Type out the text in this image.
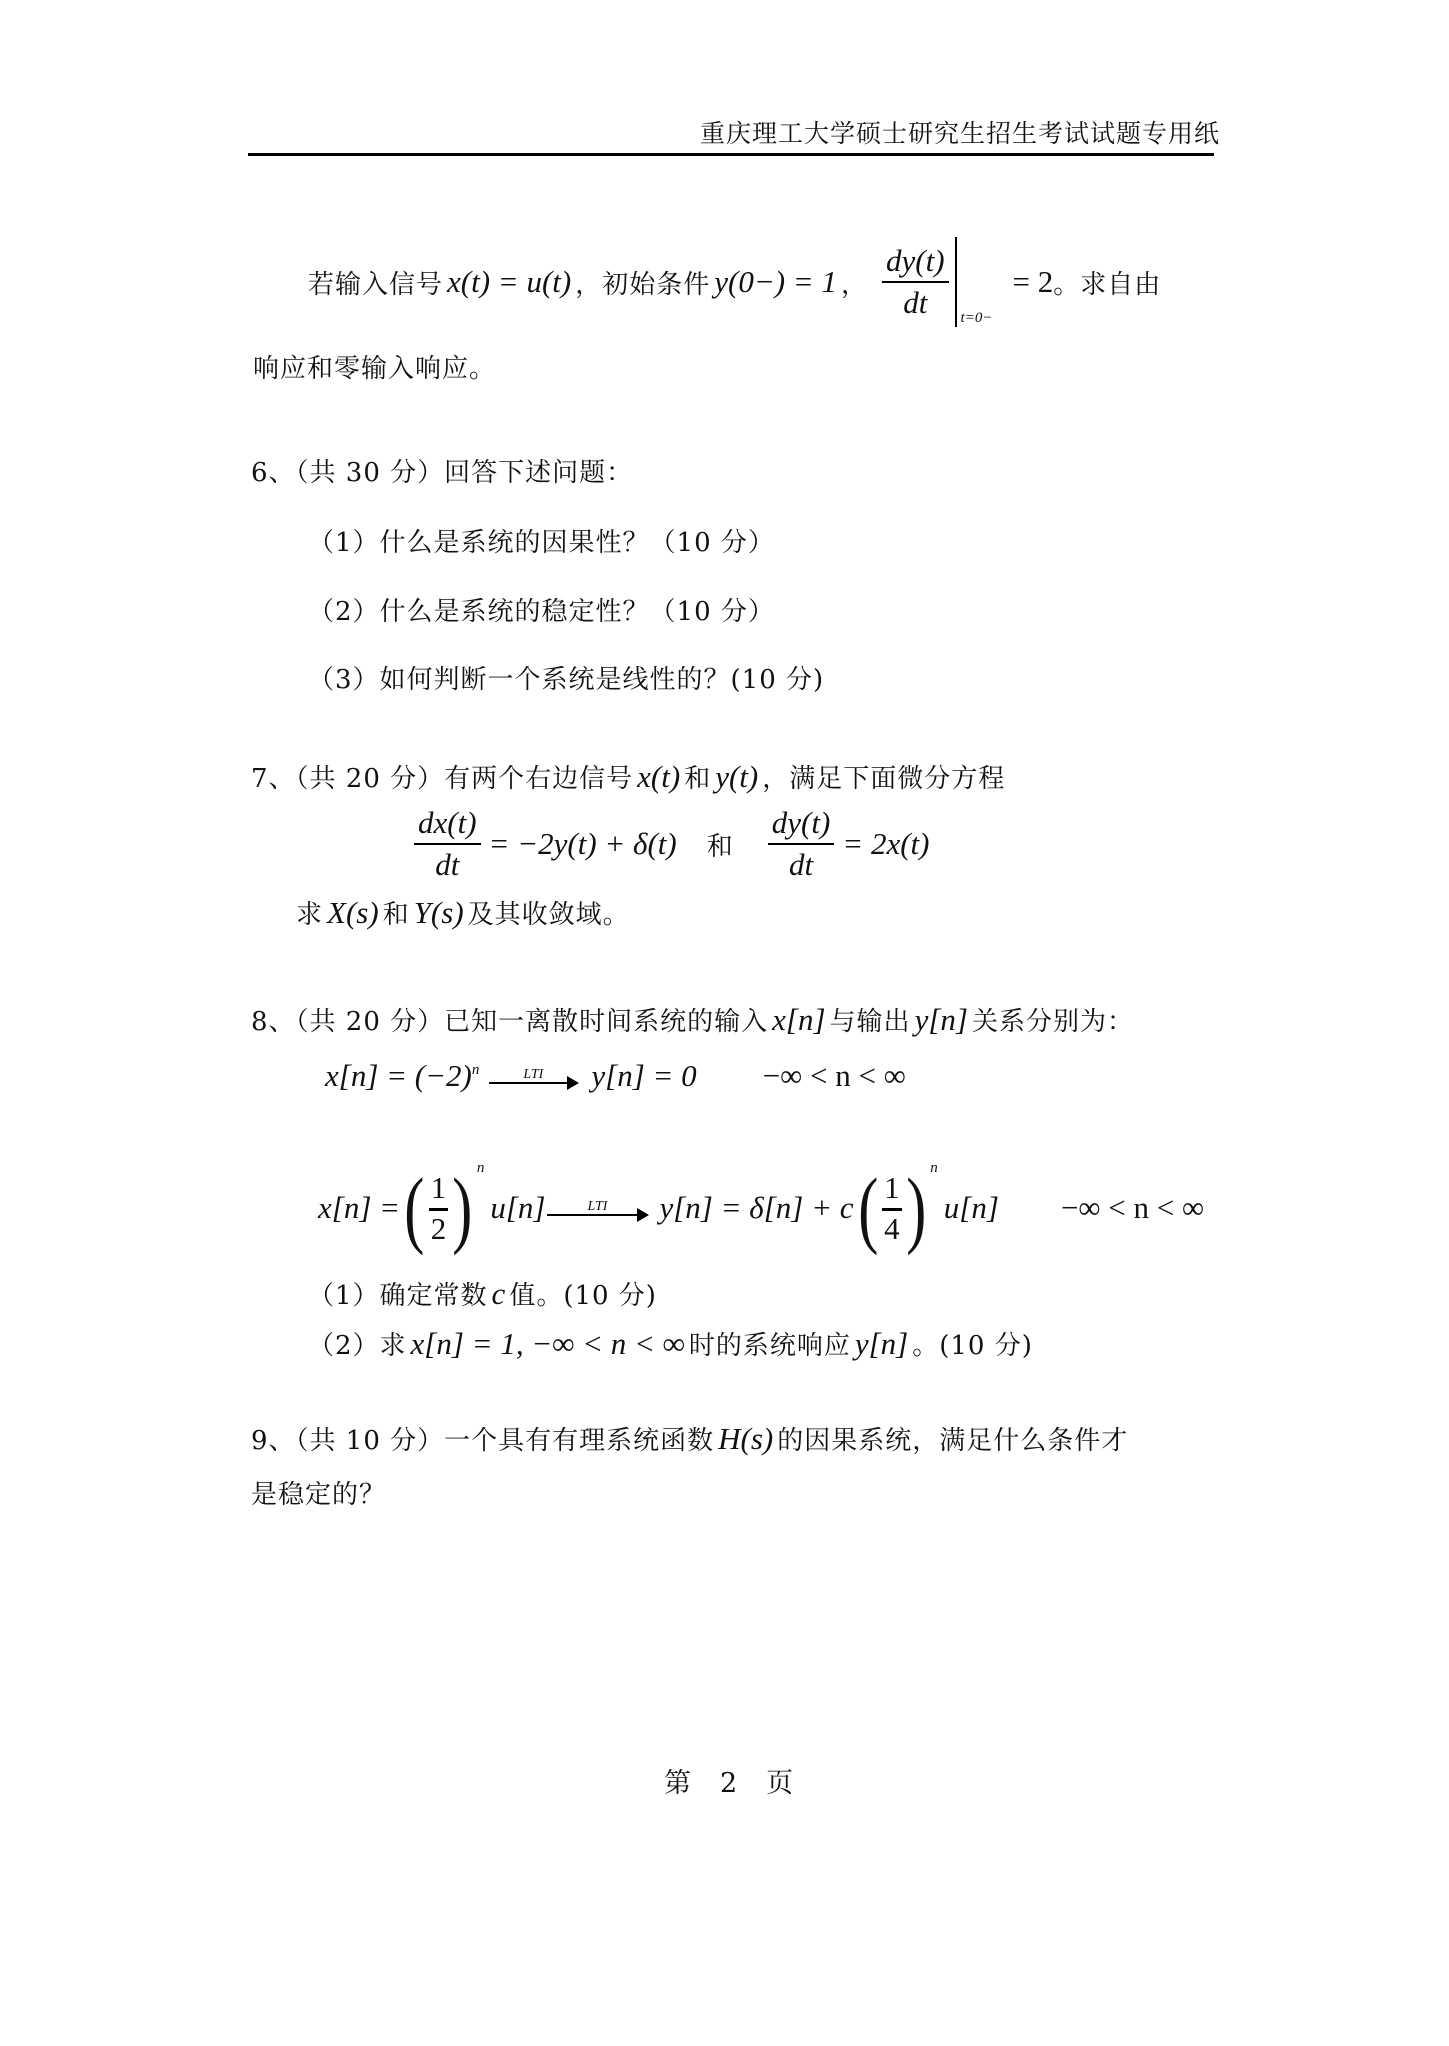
重庆理工大学硕士研究生招生考试试题专用纸
若输入信号 x(t) = u(t) ，初始条件 y(0−) = 1 ， $\frac{dy(t)}{dt} t=0-$
= 2 。求自由
响应和零输入响应。
6、（共 30 分）回答下述问题：
（1）什么是系统的因果性？（10 分）
（2）什么是系统的稳定性？（10 分）
（3）如何判断一个系统是线性的？(10 分)
7、（共 20 分）有两个右边信号 x(t) 和 y(t) ，满足下面微分方程
$\frac{dx(t)}{dt} = -2y(t) + \delta(t)$ 和 $\frac{dy(t)}{dt} = 2x(t)$
求 X(s) 和 Y(s) 及其收敛域。
8、（共 20 分）已知一离散时间系统的输入 x[n] 与输出 y[n] 关系分别为：
x[n] = (−2) n	LTI y[n] = 0 −∞ < n < ∞
x[n] = ( $\frac{1}{2}$ ) n
u[n]	LTI y[n] = δ[n] + c ( $\frac{1}{4}$ ) n
u[n] −∞ < n < ∞
（1）确定常数 c 值。(10 分)
（2）求 x[n] = 1, −∞ < n < ∞ 时的系统响应 y[n] 。(10 分)
9、（共 10 分）一个具有有理系统函数 H(s) 的因果系统，满足什么条件才
是稳定的？
第　2　页
